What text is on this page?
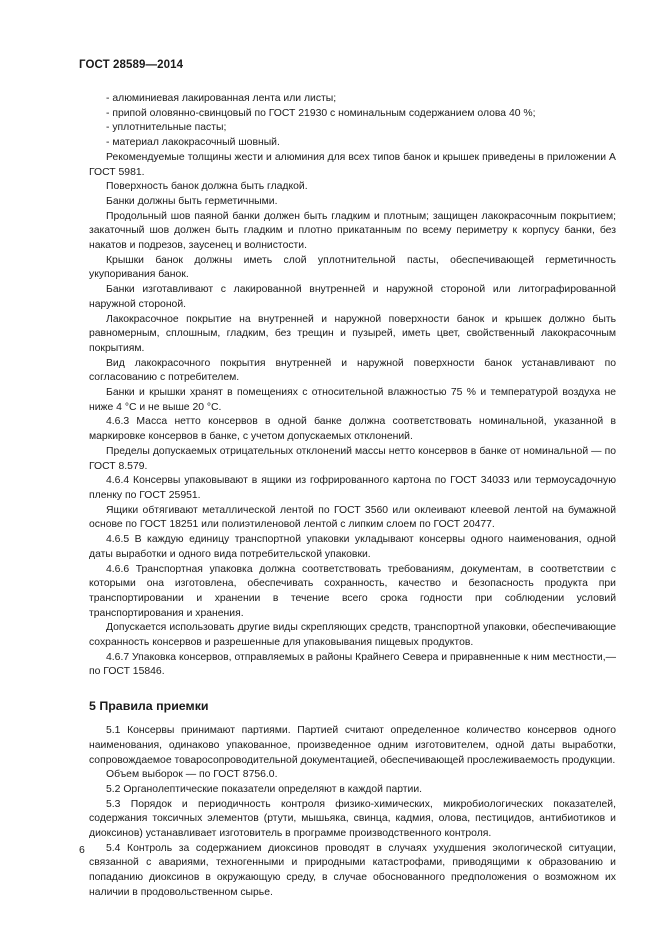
ГОСТ 28589—2014

- алюминиевая лакированная лента или листы;

- припой оловянно-свинцовый по ГОСТ 21930 с номинальным содержанием олова 40 %;

- уплотнительные пасты;

- материал лакокрасочный шовный.

Рекомендуемые толщины жести и алюминия для всех типов банок и крышек приведены в приложении А ГОСТ 5981.

Поверхность банок должна быть гладкой.

Банки должны быть герметичными.

Продольный шов паяной банки должен быть гладким и плотным; защищен лакокрасочным покрытием; закаточный шов должен быть гладким и плотно прикатанным по всему периметру к корпусу банки, без накатов и подрезов, заусенец и волнистости.

Крышки банок должны иметь слой уплотнительной пасты, обеспечивающей герметичность укупоривания банок.

Банки изготавливают с лакированной внутренней и наружной стороной или литографированной наружной стороной.

Лакокрасочное покрытие на внутренней и наружной поверхности банок и крышек должно быть равномерным, сплошным, гладким, без трещин и пузырей, иметь цвет, свойственный лакокрасочным покрытиям.

Вид лакокрасочного покрытия внутренней и наружной поверхности банок устанавливают по согласованию с потребителем.

Банки и крышки хранят в помещениях с относительной влажностью 75 % и температурой воздуха не ниже 4 °С и не выше 20 °С.

4.6.3 Масса нетто консервов в одной банке должна соответствовать номинальной, указанной в маркировке консервов в банке, с учетом допускаемых отклонений.

Пределы допускаемых отрицательных отклонений массы нетто консервов в банке от номинальной — по ГОСТ 8.579.

4.6.4 Консервы упаковывают в ящики из гофрированного картона по ГОСТ 34033 или термоусадочную пленку по ГОСТ 25951.

Ящики обтягивают металлической лентой по ГОСТ 3560 или оклеивают клеевой лентой на бумажной основе по ГОСТ 18251 или полиэтиленовой лентой с липким слоем по ГОСТ 20477.

4.6.5 В каждую единицу транспортной упаковки укладывают консервы одного наименования, одной даты выработки и одного вида потребительской упаковки.

4.6.6 Транспортная упаковка должна соответствовать требованиям, документам, в соответствии с которыми она изготовлена, обеспечивать сохранность, качество и безопасность продукта при транспортировании и хранении в течение всего срока годности при соблюдении условий транспортирования и хранения.

Допускается использовать другие виды скрепляющих средств, транспортной упаковки, обеспечивающие сохранность консервов и разрешенные для упаковывания пищевых продуктов.

4.6.7 Упаковка консервов, отправляемых в районы Крайнего Севера и приравненные к ним местности,— по ГОСТ 15846.

5 Правила приемки

5.1 Консервы принимают партиями. Партией считают определенное количество консервов одного наименования, одинаково упакованное, произведенное одним изготовителем, одной даты выработки, сопровождаемое товаросопроводительной документацией, обеспечивающей прослеживаемость продукции.

Объем выборок — по ГОСТ 8756.0.

5.2 Органолептические показатели определяют в каждой партии.

5.3 Порядок и периодичность контроля физико-химических, микробиологических показателей, содержания токсичных элементов (ртути, мышьяка, свинца, кадмия, олова, пестицидов, антибиотиков и диоксинов) устанавливает изготовитель в программе производственного контроля.

5.4 Контроль за содержанием диоксинов проводят в случаях ухудшения экологической ситуации, связанной с авариями, техногенными и природными катастрофами, приводящими к образованию и попаданию диоксинов в окружающую среду, в случае обоснованного предположения о возможном их наличии в продовольственном сырье.

6
